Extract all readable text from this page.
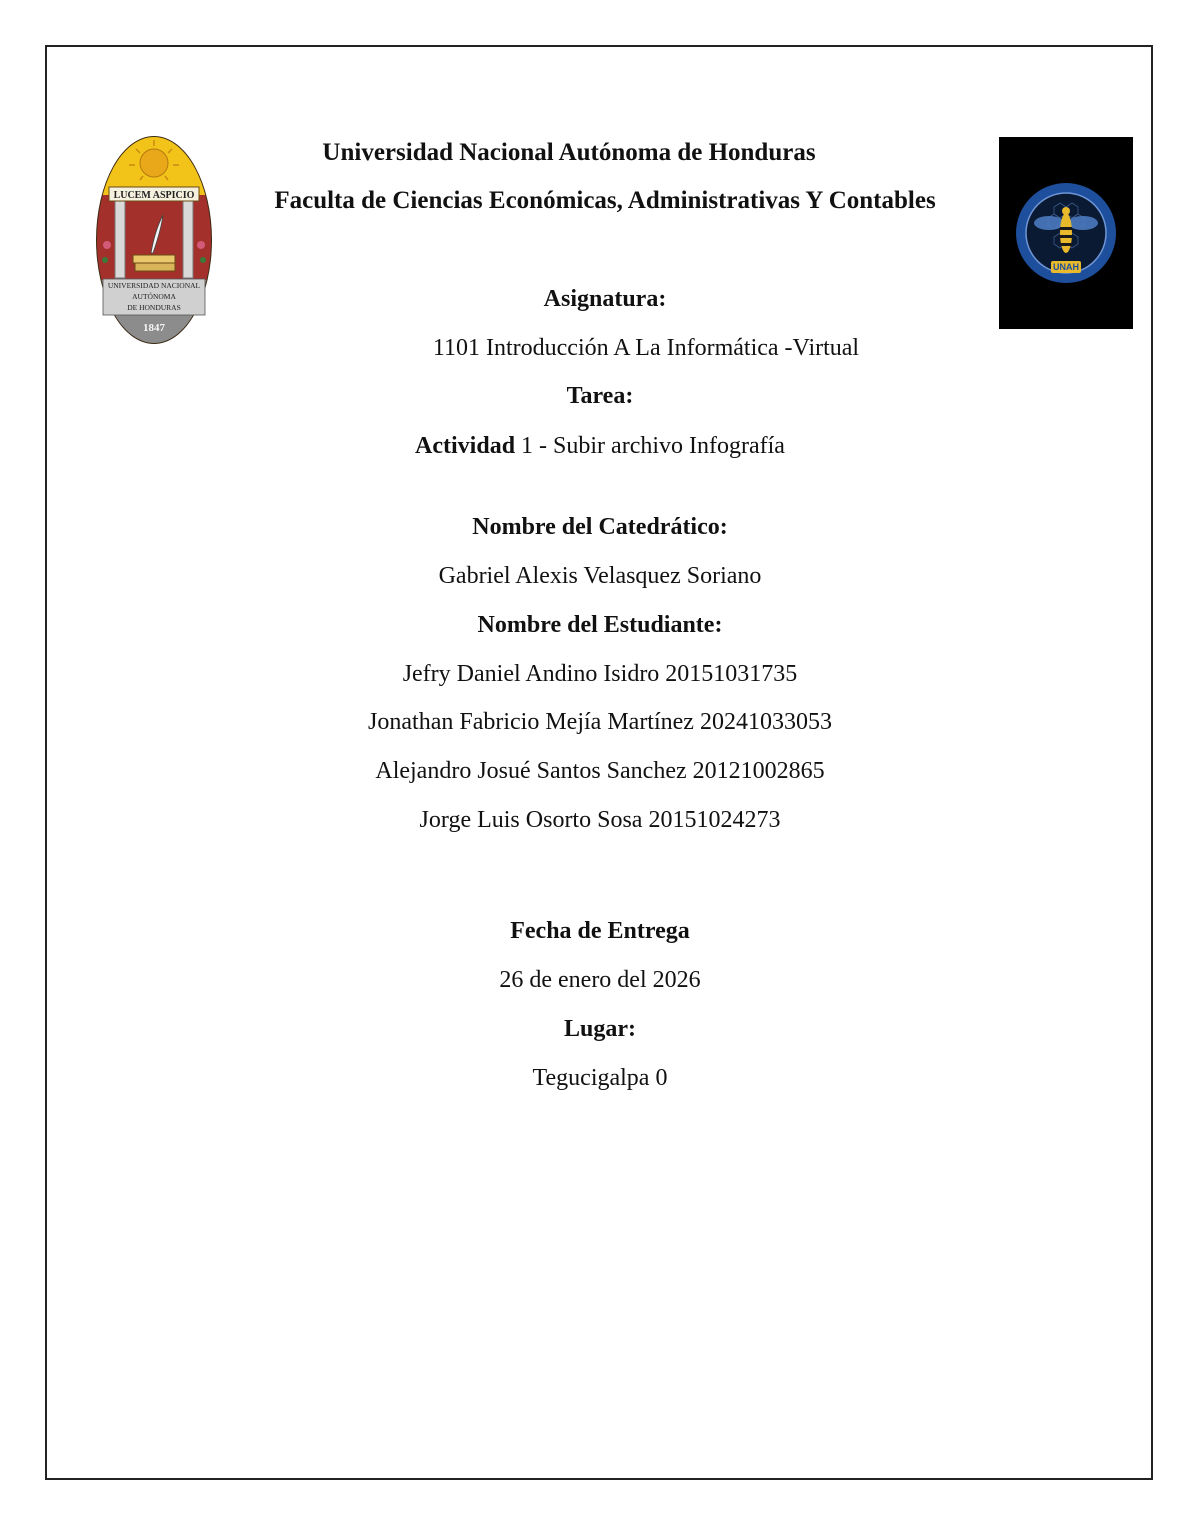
LUCEM ASPICIO
UNIVERSIDAD NACIONAL
AUTÓNOMA
DE HONDURAS
1847
UNAH
Universidad Nacional Autónoma de Honduras
Faculta de Ciencias Económicas, Administrativas Y Contables
Asignatura:
1101 Introducción A La Informática -Virtual
Tarea:
Actividad 1 - Subir archivo Infografía
Nombre del Catedrático:
Gabriel Alexis Velasquez Soriano
Nombre del Estudiante:
Jefry Daniel Andino Isidro 20151031735
Jonathan Fabricio Mejía Martínez 20241033053
Alejandro Josué Santos Sanchez 20121002865
Jorge Luis Osorto Sosa 20151024273
Fecha de Entrega
26 de enero del 2026
Lugar:
Tegucigalpa 0
